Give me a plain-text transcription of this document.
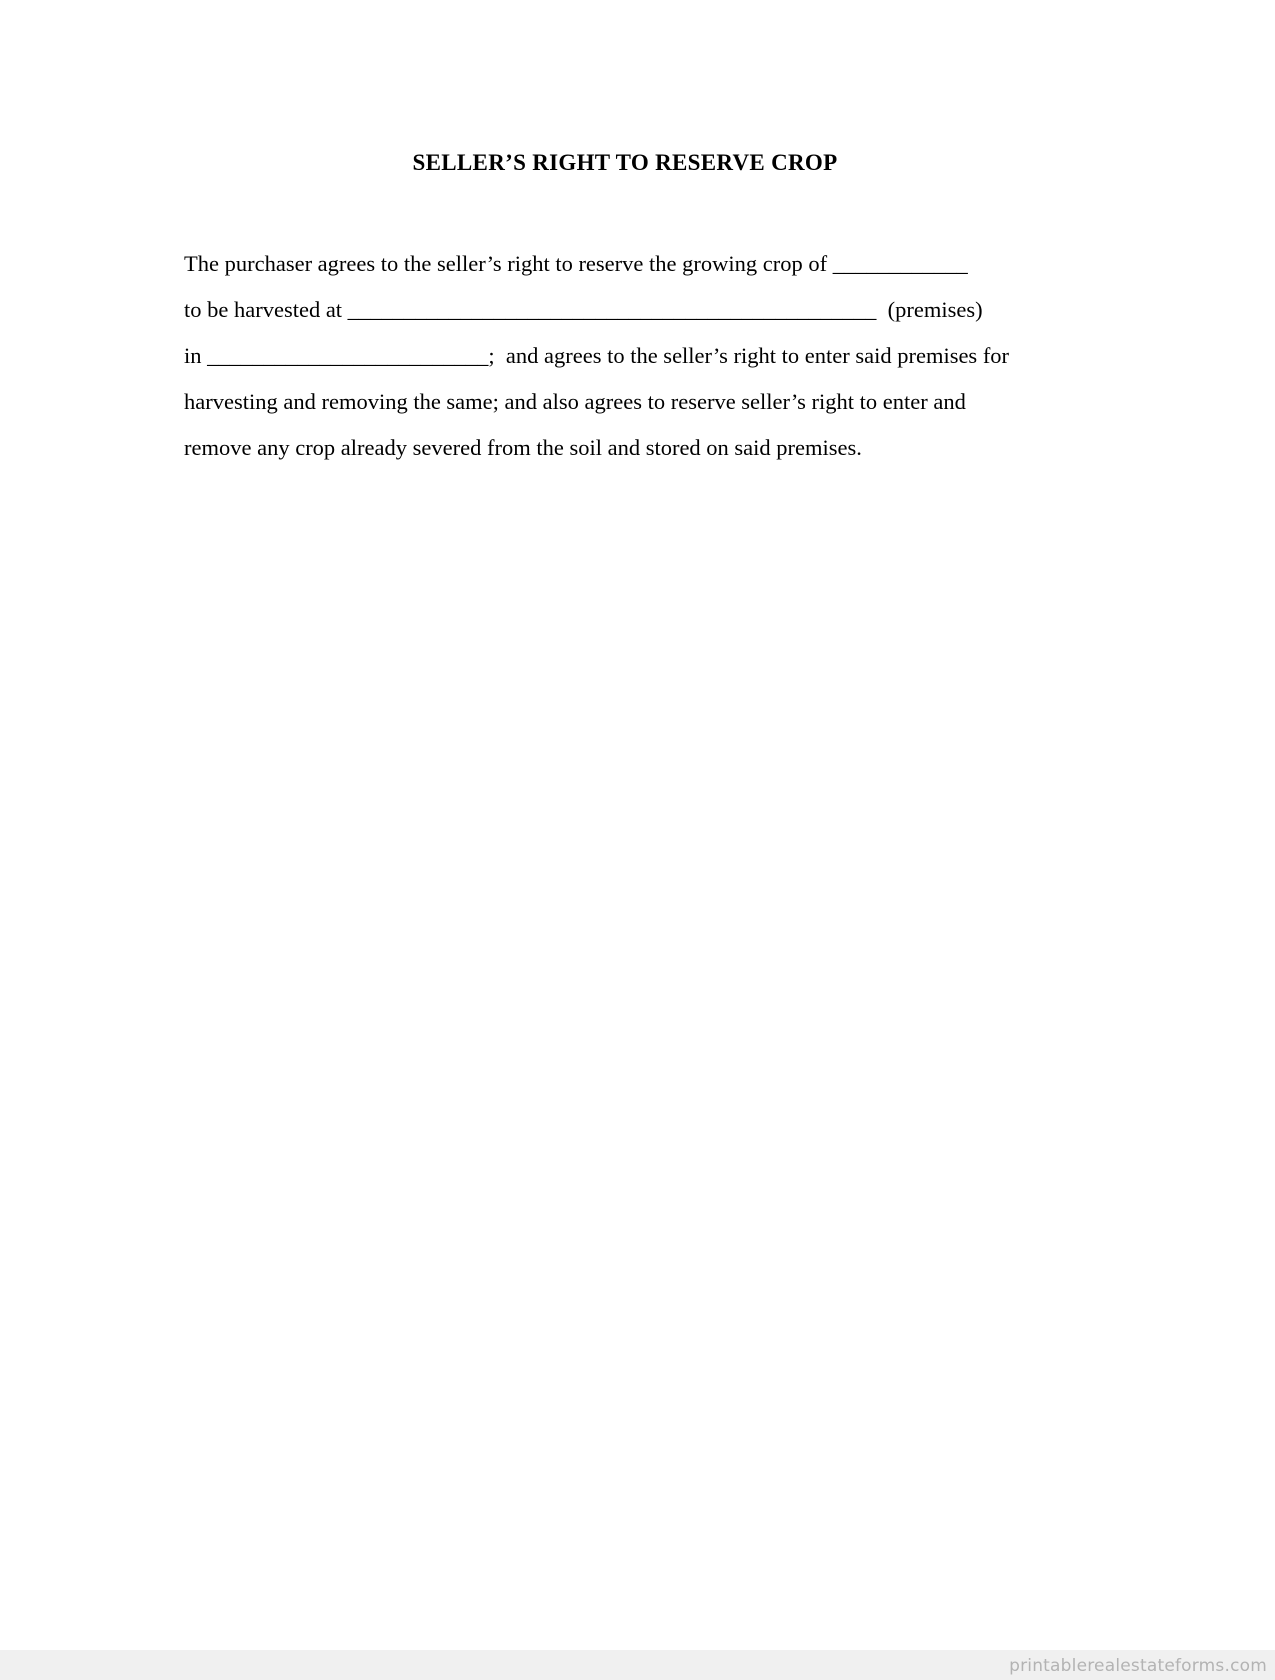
SELLER’S RIGHT TO RESERVE CROP
The purchaser agrees to the seller’s right to reserve the growing crop of ____________
to be harvested at _______________________________________________  (premises)
in _________________________;  and agrees to the seller’s right to enter said premises for
harvesting and removing the same; and also agrees to reserve seller’s right to enter and
remove any crop already severed from the soil and stored on said premises.
printablerealestateforms.com
